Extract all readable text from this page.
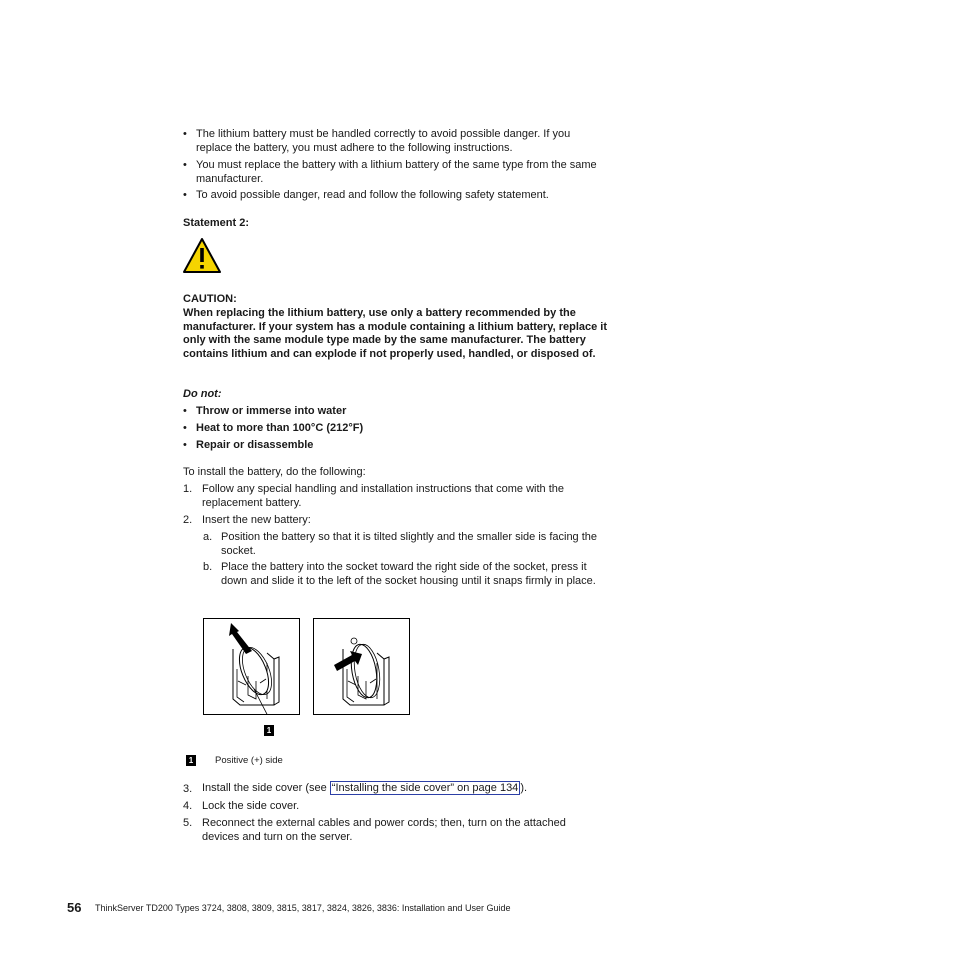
• The lithium battery must be handled correctly to avoid possible danger. If you replace the battery, you must adhere to the following instructions.
• You must replace the battery with a lithium battery of the same type from the same manufacturer.
• To avoid possible danger, read and follow the following safety statement.
Statement 2:
CAUTION:
When replacing the lithium battery, use only a battery recommended by the manufacturer. If your system has a module containing a lithium battery, replace it only with the same module type made by the same manufacturer. The battery contains lithium and can explode if not properly used, handled, or disposed of.
Do not:
• Throw or immerse into water
• Heat to more than 100°C (212°F)
• Repair or disassemble
To install the battery, do the following:
1. Follow any special handling and installation instructions that come with the replacement battery.
2. Insert the new battery:
a. Position the battery so that it is tilted slightly and the smaller side is facing the socket.
b. Place the battery into the socket toward the right side of the socket, press it down and slide it to the left of the socket housing until it snaps firmly in place.
1
1 Positive (+) side
3. Install the side cover (see “Installing the side cover” on page 134 ).
4. Lock the side cover.
5. Reconnect the external cables and power cords; then, turn on the attached devices and turn on the server.
56 ThinkServer TD200 Types 3724, 3808, 3809, 3815, 3817, 3824, 3826, 3836: Installation and User Guide
